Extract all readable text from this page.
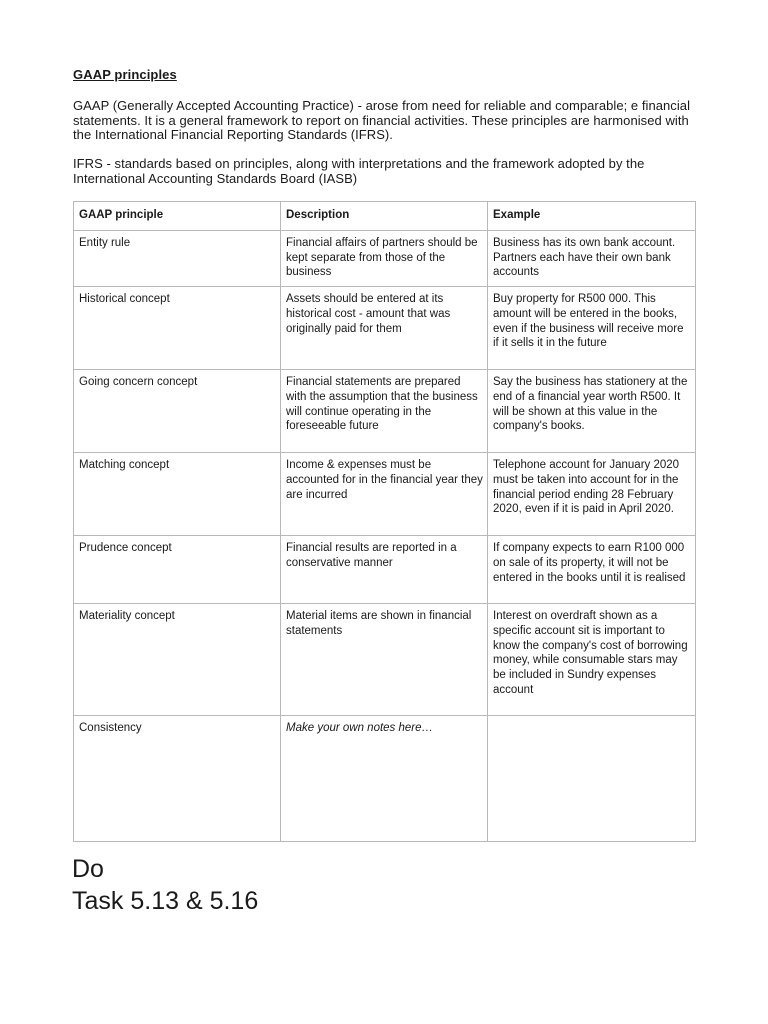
GAAP principles
GAAP (Generally Accepted Accounting Practice) - arose from need for reliable and comparable; e financial statements. It is a general framework to report on financial activities. These principles are harmonised with the International Financial Reporting Standards (IFRS).
IFRS - standards based on principles, along with interpretations and the framework adopted by the International Accounting Standards Board (IASB)
GAAP principle	Description	Example
Entity rule	Financial affairs of partners should be kept separate from those of the business	Business has its own bank account. Partners each have their own bank accounts
Historical concept	Assets should be entered at its historical cost - amount that was originally paid for them	Buy property for R500 000. This amount will be entered in the books, even if the business will receive more if it sells it in the future
Going concern concept	Financial statements are prepared with the assumption that the business will continue operating in the foreseeable future	Say the business has stationery at the end of a financial year worth R500. It will be shown at this value in the company's books.
Matching concept	Income & expenses must be accounted for in the financial year they are incurred	Telephone account for January 2020 must be taken into account for in the financial period ending 28 February 2020, even if it is paid in April 2020.
Prudence concept	Financial results are reported in a conservative manner	If company expects to earn R100 000 on sale of its property, it will not be entered in the books until it is realised
Materiality concept	Material items are shown in financial statements	Interest on overdraft shown as a specific account sit is important to know the company's cost of borrowing money, while consumable stars may be included in Sundry expenses account
Consistency	Make your own notes here…	
Do
Task 5.13 & 5.16
